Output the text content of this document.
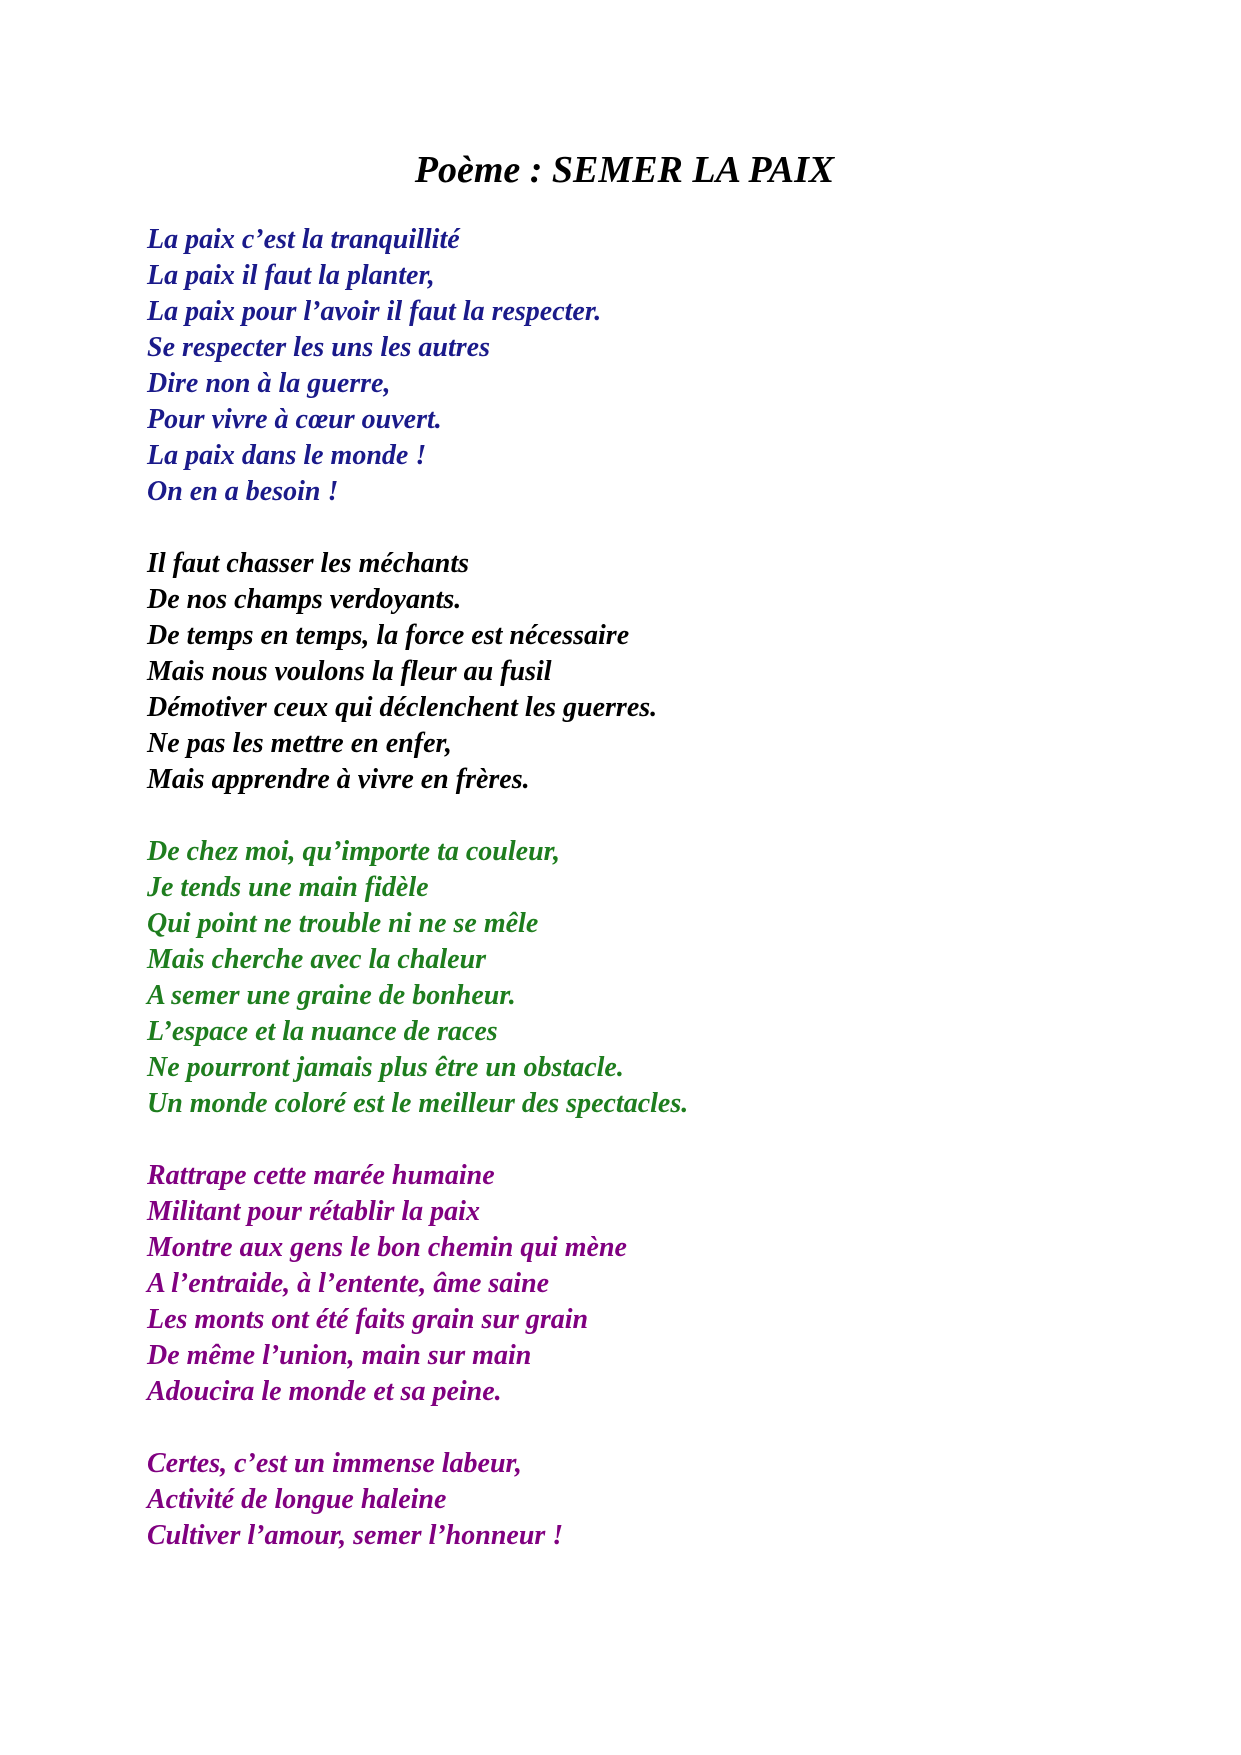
Poème : SEMER LA PAIX
La paix c’est la tranquillité
La paix il faut la planter,
La paix pour l’avoir il faut la respecter.
Se respecter les uns les autres
Dire non à la guerre,
Pour vivre à cœur ouvert.
La paix dans le monde !
On en a besoin !
Il faut chasser les méchants
De nos champs verdoyants.
De temps en temps, la force est nécessaire
Mais nous voulons la fleur au fusil
Démotiver ceux qui déclenchent les guerres.
Ne pas les mettre en enfer,
Mais apprendre à vivre en frères.
De chez moi, qu’importe ta couleur,
Je tends une main fidèle
Qui point ne trouble ni ne se mêle
Mais cherche avec la chaleur
A semer une graine de bonheur.
L’espace et la nuance de races
Ne pourront jamais plus être un obstacle.
Un monde coloré est le meilleur des spectacles.
Rattrape cette marée humaine
Militant pour rétablir la paix
Montre aux gens le bon chemin qui mène
A l’entraide, à l’entente, âme saine
Les monts ont été faits grain sur grain
De même l’union, main sur main
Adoucira le monde et sa peine.
Certes, c’est un immense labeur,
Activité de longue haleine
Cultiver l’amour, semer l’honneur !
